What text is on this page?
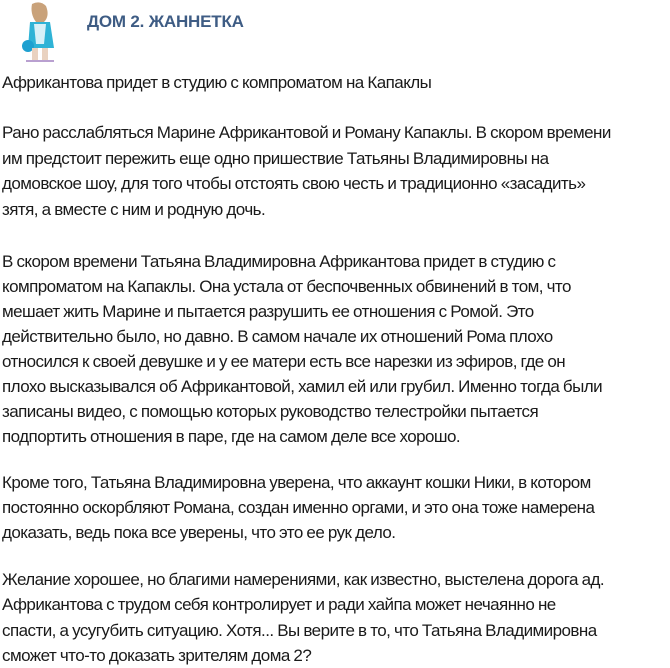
ДОМ 2. ЖАННЕТКА
Африкантова придет в студию с компроматом на Капаклы
Рано расслабляться Марине Африкантовой и Роману Капаклы. В скором времени
им предстоит пережить еще одно пришествие Татьяны Владимировны на
домовское шоу, для того чтобы отстоять свою честь и традиционно «засадить»
зятя, а вместе с ним и родную дочь.
В скором времени Татьяна Владимировна Африкантова придет в студию с
компроматом на Капаклы. Она устала от беспочвенных обвинений в том, что
мешает жить Марине и пытается разрушить ее отношения с Ромой. Это
действительно было, но давно. В самом начале их отношений Рома плохо
относился к своей девушке и у ее матери есть все нарезки из эфиров, где он
плохо высказывался об Африкантовой, хамил ей или грубил. Именно тогда были
записаны видео, с помощью которых руководство телестройки пытается
подпортить отношения в паре, где на самом деле все хорошо.
Кроме того, Татьяна Владимировна уверена, что аккаунт кошки Ники, в котором
постоянно оскорбляют Романа, создан именно оргами, и это она тоже намерена
доказать, ведь пока все уверены, что это ее рук дело.
Желание хорошее, но благими намерениями, как известно, выстелена дорога ад.
Африкантова с трудом себя контролирует и ради хайпа может нечаянно не
спасти, а усугубить ситуацию. Хотя... Вы верите в то, что Татьяна Владимировна
сможет что-то доказать зрителям дома 2?
